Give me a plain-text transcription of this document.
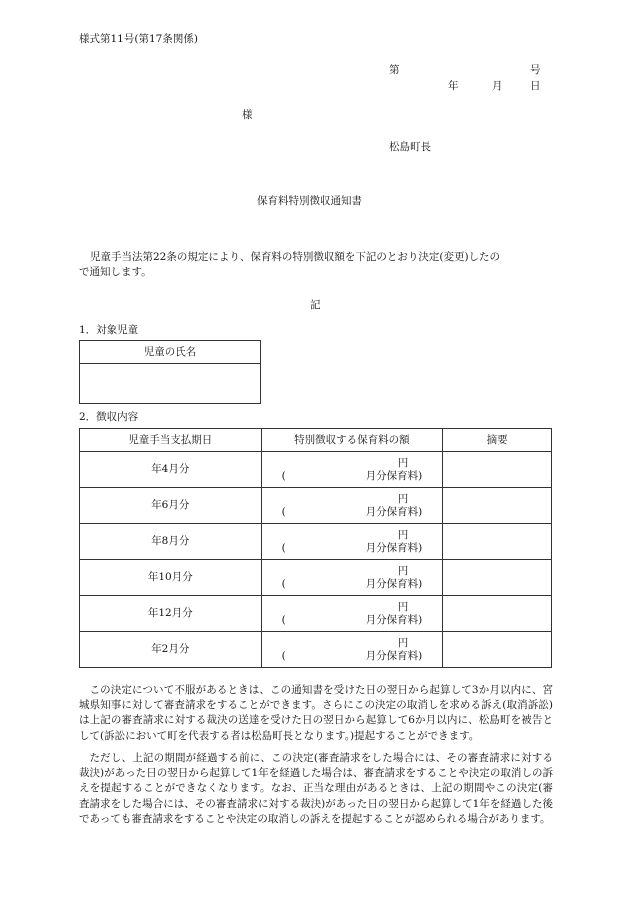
様式第11号(第17条関係)
第	号
年	月	日
様
松島町長
保育料特別徴収通知書
児童手当法第22条の規定により、保育料の特別徴収額を下記のとおり決定(変更)したの
で通知します。
記
1．対象児童
児童の氏名

2．徴収内容
児童手当支払期日	特別徴収する保育料の額	摘要
年4月分	円
( 月分保育料)	

年6月分	円
( 月分保育料)	

年8月分	円
( 月分保育料)	

年10月分	円
( 月分保育料)	

年12月分	円
( 月分保育料)	

年2月分	円
( 月分保育料)	

この決定について不服があるときは、この通知書を受けた日の翌日から起算して3か月以内に、宮城県知事に対して審査請求をすることができます。さらにこの決定の取消しを求める訴え(取消訴訟)は上記の審査請求に対する裁決の送達を受けた日の翌日から起算して6か月以内に、松島町を被告として(訴訟において町を代表する者は松島町長となります。)提起することができます。
ただし、上記の期間が経過する前に、この決定(審査請求をした場合には、その審査請求に対する裁決)があった日の翌日から起算して1年を経過した場合は、審査請求をすることや決定の取消しの訴えを提起することができなくなります。なお、正当な理由があるときは、上記の期間やこの決定(審査請求をした場合には、その審査請求に対する裁決)があった日の翌日から起算して1年を経過した後であっても審査請求をすることや決定の取消しの訴えを提起することが認められる場合があります。
